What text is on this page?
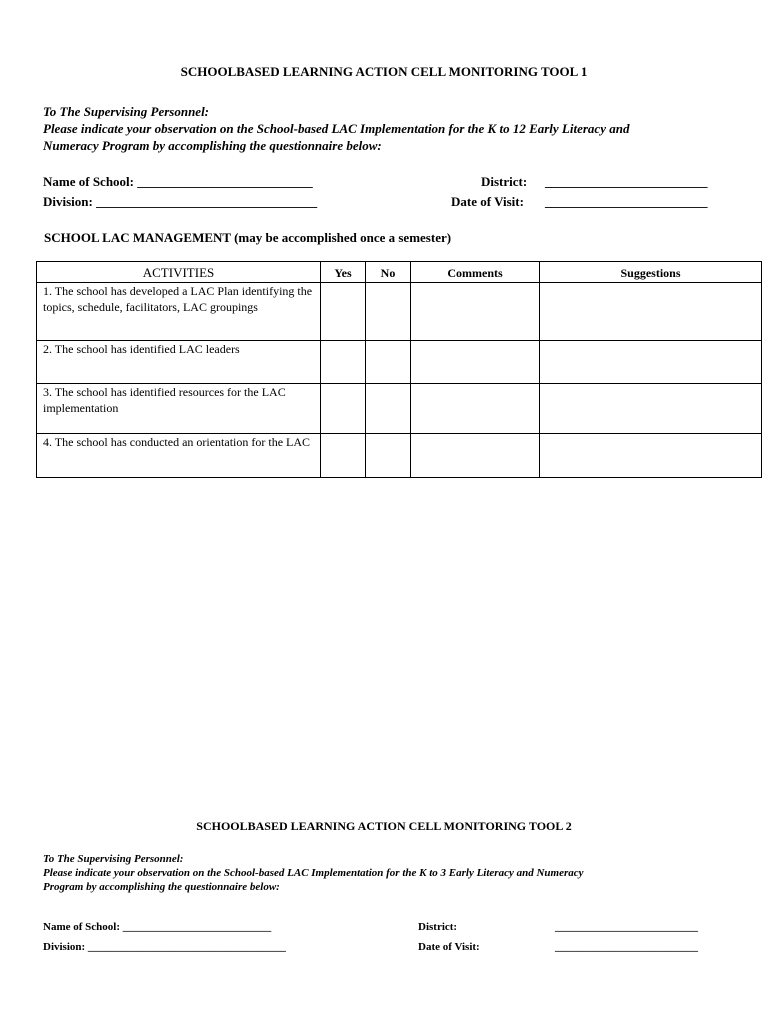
SCHOOLBASED LEARNING ACTION CELL MONITORING TOOL 1
To The Supervising Personnel:
Please indicate your observation on the School-based LAC Implementation for the K to 12 Early Literacy and
Numeracy Program by accomplishing the questionnaire below:
Name of School: ___________________________
Division: __________________________________
District: _________________________
Date of Visit: _________________________
SCHOOL LAC MANAGEMENT (may be accomplished once a semester)
ACTIVITIES	Yes	No	Comments	Suggestions
1. The school has developed a LAC Plan identifying the topics, schedule, facilitators, LAC groupings				
2. The school has identified LAC leaders				
3. The school has identified resources for the LAC implementation				
4. The school has conducted an orientation for the LAC				
SCHOOLBASED LEARNING ACTION CELL MONITORING TOOL 2
To The Supervising Personnel:
Please indicate your observation on the School-based LAC Implementation for the K to 3 Early Literacy and Numeracy
Program by accomplishing the questionnaire below:
Name of School: ___________________________
Division: ____________________________________
District:	__________________________
Date of Visit:	__________________________
